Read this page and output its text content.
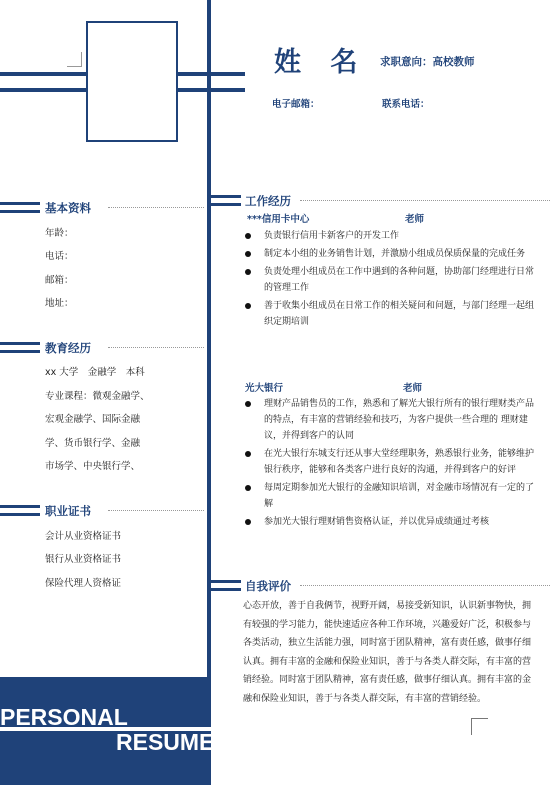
姓 名 求职意向：高校教师
电子邮箱：	联系电话：
基本资料
年龄：
电话：
邮箱：
地址：
教育经历
xx 大学　金融学　本科
专业课程：微观金融学、
宏观金融学、国际金融
学、货币银行学、金融
市场学、中央银行学、
职业证书
会计从业资格证书
银行从业资格证书
保险代理人资格证
工作经历
***信用卡中心	老师
负责银行信用卡新客户的开发工作
制定本小组的业务销售计划，并激励小组成员保质保量的完成任务
负责处理小组成员在工作中遇到的各种问题，协助部门经理进行日常的管理工作
善于收集小组成员在日常工作的相关疑问和问题，与部门经理一起组织定期培训
光大银行	老师
理财产品销售员的工作，熟悉和了解光大银行所有的银行理财类产品的特点，有丰富的营销经验和技巧，为客户提供一些合理的 理财建议，并得到客户的认同
在光大银行东城支行还从事大堂经理职务，熟悉银行业务，能够维护银行秩序，能够和各类客户进行良好的沟通，并得到客户的好评
每周定期参加光大银行的金融知识培训，对金融市场情况有一定的了解
参加光大银行理财销售资格认证，并以优异成绩通过考核
自我评价
心态开放，善于自我俩节，视野开阔，易接受新知识，认识新事物快，拥有较强的学习能力，能快速适应各种工作环境，兴趣爱好广泛，积极参与各类活动，独立生活能力强，同时富于团队精神，富有责任感，做事仔细认真。拥有丰富的金融和保险业知识，善于与各类人群交际，有丰富的营销经验。同时富于团队精神，富有责任感，做事仔细认真。拥有丰富的金融和保险业知识，善于与各类人群交际，有丰富的营销经验。
PERSONAL
RESUME
